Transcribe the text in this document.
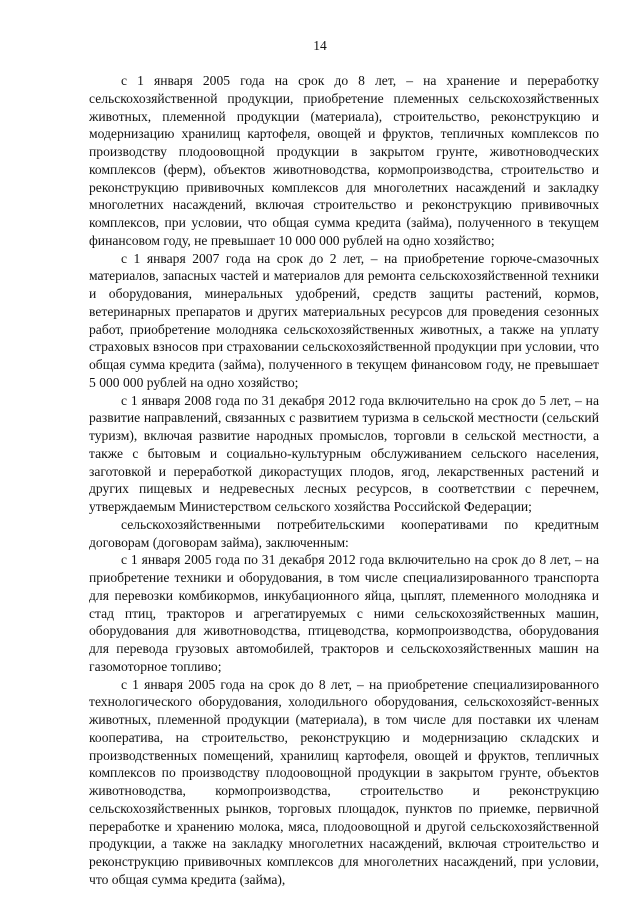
14

с 1 января 2005 года на срок до 8 лет, – на хранение и переработку сельскохозяйственной продукции, приобретение племенных сельскохозяйственных животных, племенной продукции (материала), строительство, реконструкцию и модернизацию хранилищ картофеля, овощей и фруктов, тепличных комплексов по производству плодоовощной продукции в закрытом грунте, животноводческих комплексов (ферм), объектов животноводства, кормопроизводства, строительство и реконструкцию прививочных комплексов для многолетних насаждений и закладку многолетних насаждений, включая строительство и реконструкцию прививочных комплексов, при условии, что общая сумма кредита (займа), полученного в текущем финансовом году, не превышает 10 000 000 рублей на одно хозяйство;

с 1 января 2007 года на срок до 2 лет, – на приобретение горюче-смазочных материалов, запасных частей и материалов для ремонта сельскохозяйственной техники и оборудования, минеральных удобрений, средств защиты растений, кормов, ветеринарных препаратов и других материальных ресурсов для проведения сезонных работ, приобретение молодняка сельскохозяйственных животных, а также на уплату страховых взносов при страховании сельскохозяйственной продукции при условии, что общая сумма кредита (займа), полученного в текущем финансовом году, не превышает 5 000 000 рублей на одно хозяйство;

с 1 января 2008 года по 31 декабря 2012 года включительно на срок до 5 лет, – на развитие направлений, связанных с развитием туризма в сельской местности (сельский туризм), включая развитие народных промыслов, торговли в сельской местности, а также с бытовым и социально-культурным обслуживанием сельского населения, заготовкой и переработкой дикорастущих плодов, ягод, лекарственных растений и других пищевых и недревесных лесных ресурсов, в соответствии с перечнем, утверждаемым Министерством сельского хозяйства Российской Федерации;

сельскохозяйственными потребительскими кооперативами по кредитным договорам (договорам займа), заключенным:

с 1 января 2005 года по 31 декабря 2012 года включительно на срок до 8 лет, – на приобретение техники и оборудования, в том числе специализированного транспорта для перевозки комбикормов, инкубационного яйца, цыплят, племенного молодняка и стад птиц, тракторов и агрегатируемых с ними сельскохозяйственных машин, оборудования для животноводства, птицеводства, кормопроизводства, оборудования для перевода грузовых автомобилей, тракторов и сельскохозяйственных машин на газомоторное топливо;

с 1 января 2005 года на срок до 8 лет, – на приобретение специализированного технологического оборудования, холодильного оборудования, сельскохозяйст-венных животных, племенной продукции (материала), в том числе для поставки их членам кооператива, на строительство, реконструкцию и модернизацию складских и производственных помещений, хранилищ картофеля, овощей и фруктов, тепличных комплексов по производству плодоовощной продукции в закрытом грунте, объектов животноводства, кормопроизводства, строительство и реконструкцию сельскохозяйственных рынков, торговых площадок, пунктов по приемке, первичной переработке и хранению молока, мяса, плодоовощной и другой сельскохозяйственной продукции, а также на закладку многолетних насаждений, включая строительство и реконструкцию прививочных комплексов для многолетних насаждений, при условии, что общая сумма кредита (займа),
